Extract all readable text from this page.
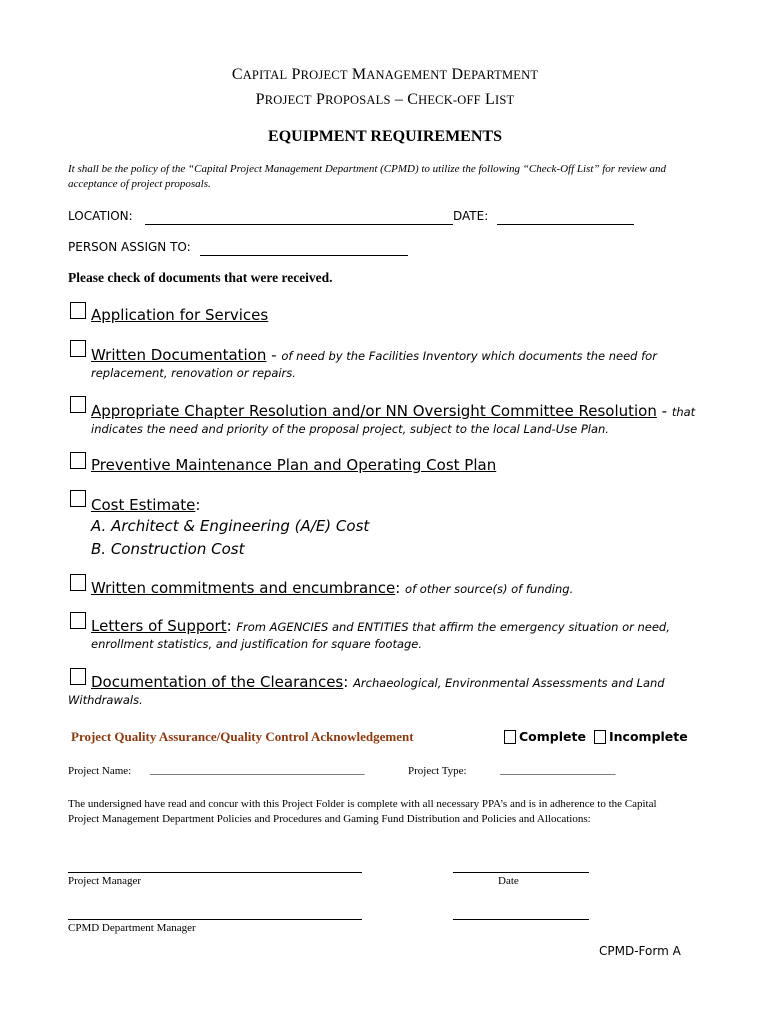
CAPITAL PROJECT MANAGEMENT DEPARTMENT
PROJECT PROPOSALS – CHECK-OFF LIST
EQUIPMENT REQUIREMENTS
It shall be the policy of the “Capital Project Management Department (CPMD) to utilize the following “Check-Off List” for review and acceptance of project proposals.
LOCATION:	DATE:
PERSON ASSIGN TO:
Please check of documents that were received.
Application for Services
Written Documentation - of need by the Facilities Inventory which documents the need for
replacement, renovation or repairs.
Appropriate Chapter Resolution and/or NN Oversight Committee Resolution - that
indicates the need and priority of the proposal project, subject to the local Land-Use Plan.
Preventive Maintenance Plan and Operating Cost Plan
Cost Estimate:
A. Architect & Engineering (A/E) Cost
B. Construction Cost
Written commitments and encumbrance: of other source(s) of funding.
Letters of Support: From AGENCIES and ENTITIES that affirm the emergency situation or need,
enrollment statistics, and justification for square footage.
Documentation of the Clearances: Archaeological, Environmental Assessments and Land
Withdrawals.
Project Quality Assurance/Quality Control Acknowledgement	Complete Incomplete
Project Name: _______________________________________	Project Type:	_____________________
The undersigned have read and concur with this Project Folder is complete with all necessary PPA’s and is in adherence to the Capital Project Management Department Policies and Procedures and Gaming Fund Distribution and Policies and Allocations:
Project Manager	Date
CPMD Department Manager
CPMD-Form A
